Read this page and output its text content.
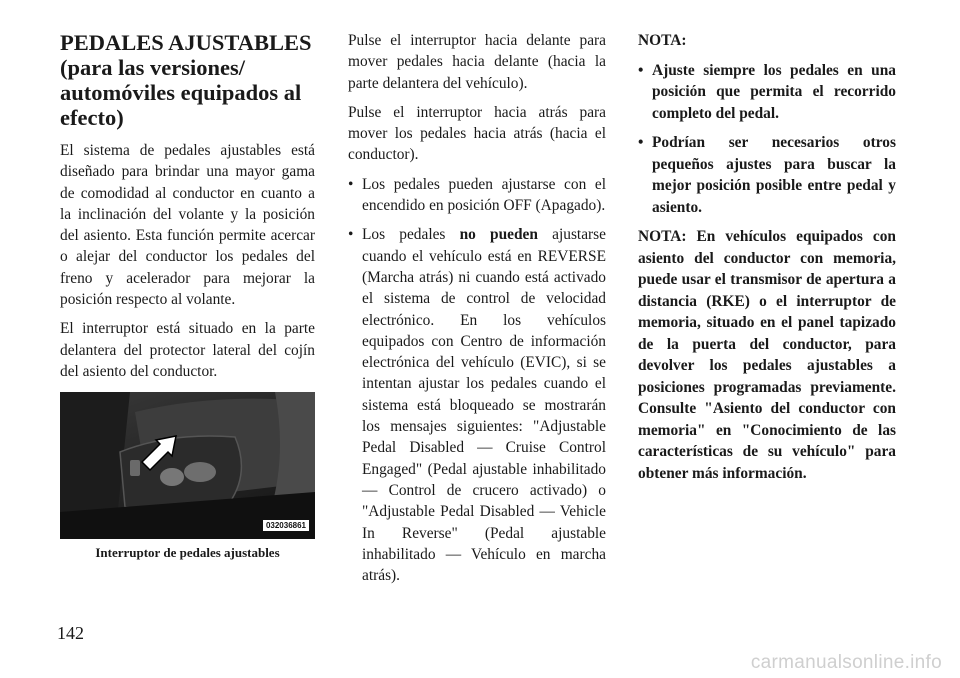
PEDALES AJUSTABLES (para las versiones/ automóviles equipados al efecto)

El sistema de pedales ajustables está diseñado para brindar una mayor gama de comodidad al conductor en cuanto a la inclinación del volante y la posición del asiento. Esta función permite acercar o alejar del conductor los pedales del freno y acelerador para mejorar la posición respecto al volante.

El interruptor está situado en la parte delantera del protector lateral del cojín del asiento del conductor.

032036861
Interruptor de pedales ajustables

Pulse el interruptor hacia delante para mover pedales hacia delante (hacia la parte delantera del vehículo).

Pulse el interruptor hacia atrás para mover los pedales hacia atrás (hacia el conductor).

• Los pedales pueden ajustarse con el encendido en posición OFF (Apagado).
• Los pedales no pueden ajustarse cuando el vehículo está en REVERSE (Marcha atrás) ni cuando está activado el sistema de control de velocidad electrónico. En los vehículos equipados con Centro de información electrónica del vehículo (EVIC), si se intentan ajustar los pedales cuando el sistema está bloqueado se mostrarán los mensajes siguientes: "Adjustable Pedal Disabled — Cruise Control Engaged" (Pedal ajustable inhabilitado — Control de crucero activado) o "Adjustable Pedal Disabled — Vehicle In Reverse" (Pedal ajustable inhabilitado — Vehículo en marcha atrás).

NOTA:

• Ajuste siempre los pedales en una posición que permita el recorrido completo del pedal.
• Podrían ser necesarios otros pequeños ajustes para buscar la mejor posición posible entre pedal y asiento.

NOTA: En vehículos equipados con asiento del conductor con memoria, puede usar el transmisor de apertura a distancia (RKE) o el interruptor de memoria, situado en el panel tapizado de la puerta del conductor, para devolver los pedales ajustables a posiciones programadas previamente. Consulte "Asiento del conductor con memoria" en "Conocimiento de las características de su vehículo" para obtener más información.

142
carmanualsonline.info
